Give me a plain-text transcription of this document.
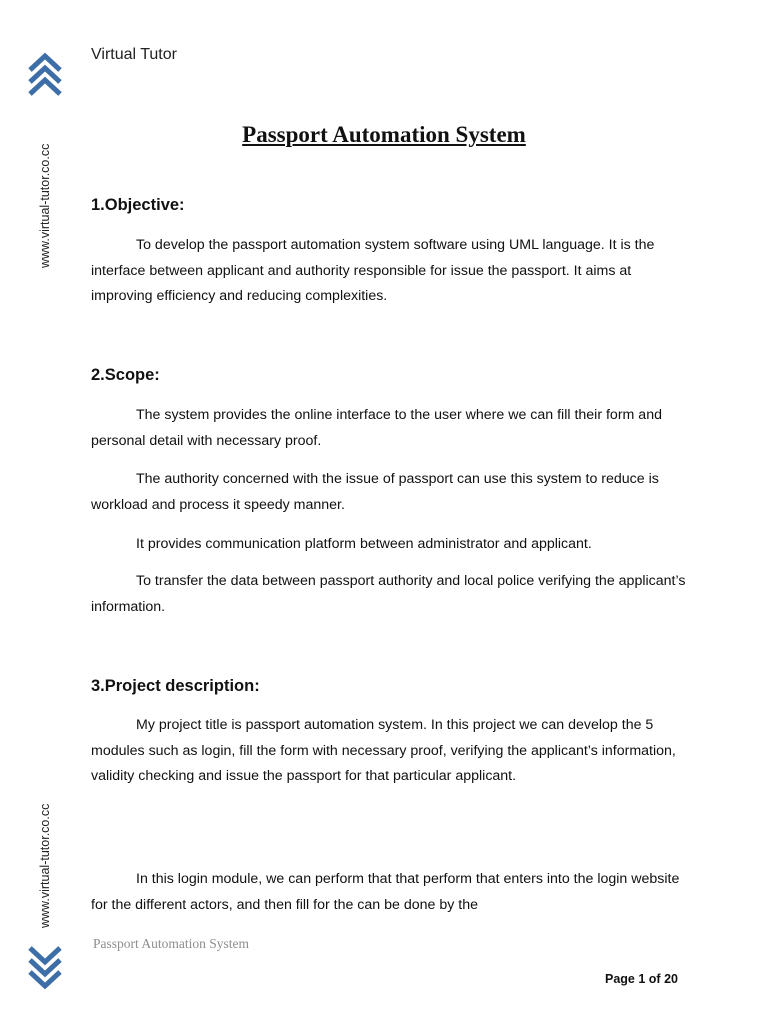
www.virtual-tutor.co.cc
www.virtual-tutor.co.cc
Virtual Tutor
Passport Automation System
1.Objective:

To develop the passport automation system software using UML language. It is the interface between applicant and authority responsible for issue the passport. It aims at improving efficiency and reducing complexities.

2.Scope:

The system provides the online interface to the user where we can fill their form and personal detail with necessary proof.

The authority concerned with the issue of passport can use this system to reduce is workload and process it speedy manner.

It provides communication platform between administrator and applicant.

To transfer the data between passport authority and local police verifying the applicant’s information.

3.Project description:

My project title is passport automation system. In this project we can develop the 5 modules such as login, fill the form with necessary proof, verifying the applicant’s information, validity checking and issue the passport for that particular applicant.

In this login module, we can perform that that perform that enters into the login website for the different actors, and then fill for the can be done by the

Passport Automation System
Page 1 of 20
